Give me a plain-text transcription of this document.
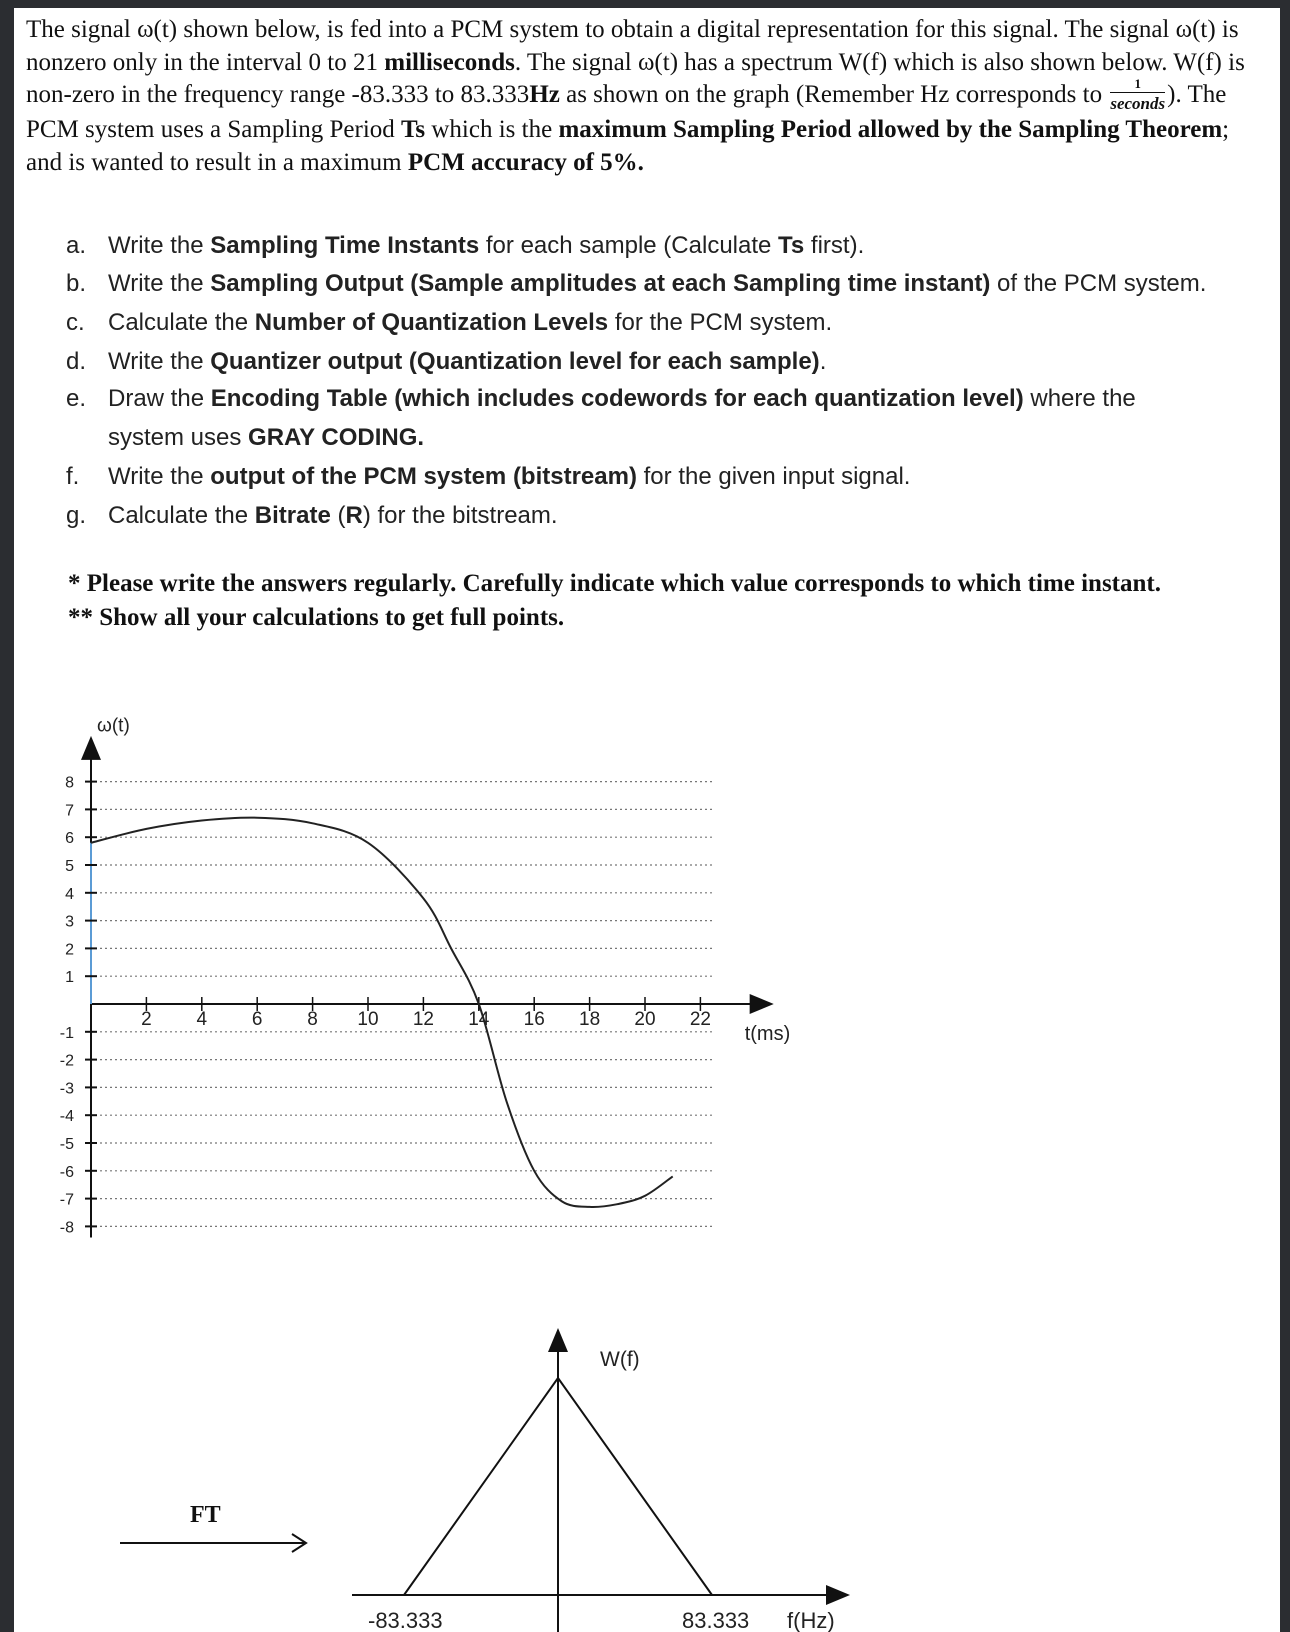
The signal ω(t) shown below, is fed into a PCM system to obtain a digital representation for this signal. The signal ω(t) is nonzero only in the interval 0 to 21 milliseconds. The signal ω(t) has a spectrum W(f) which is also shown below. W(f) is non-zero in the frequency range -83.333 to 83.333Hz as shown on the graph (Remember Hz corresponds to $\frac{1}{\text{seconds}}$ ). The PCM system uses a Sampling Period Ts which is the maximum Sampling Period allowed by the Sampling Theorem; and is wanted to result in a maximum PCM accuracy of 5%.
a. Write the Sampling Time Instants for each sample (Calculate Ts first).
b. Write the Sampling Output (Sample amplitudes at each Sampling time instant) of the PCM system.
c. Calculate the Number of Quantization Levels for the PCM system.
d. Write the Quantizer output (Quantization level for each sample).
e. Draw the Encoding Table (which includes codewords for each quantization level) where the
system uses GRAY CODING.
f.	Write the output of the PCM system (bitstream) for the given input signal.
g. Calculate the Bitrate (R) for the bitstream.
* Please write the answers regularly. Carefully indicate which value corresponds to which time instant.
** Show all your calculations to get full points.
8
7
6
5
4
3
2
1
-1
-2
-3
-4
-5
-6
-7
-8
2 4 6 8 10 12 14 16 18 20 22
ω(t)
t(ms)
FT
W(f)
-83.333	83.333 f(Hz)
